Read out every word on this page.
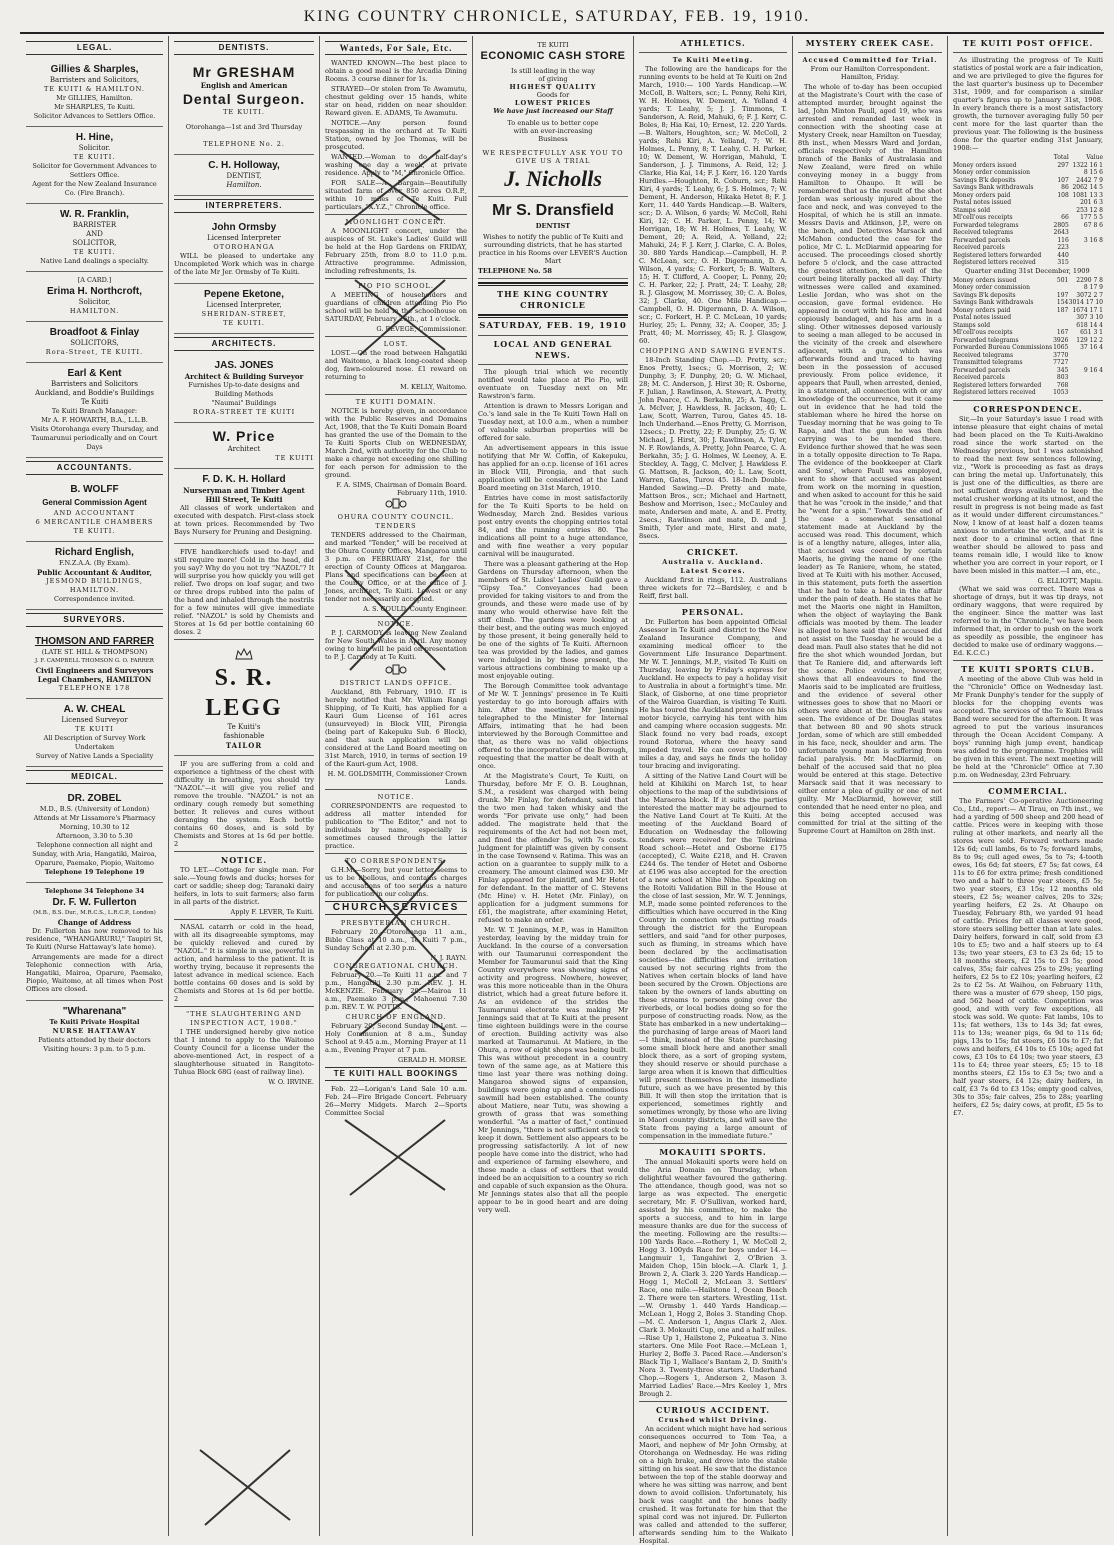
KING COUNTRY CHRONICLE, SATURDAY, FEB. 19, 1910.
LEGAL.
Gillies & Sharples,
Barristers and Solicitors,
TE KUITI & HAMILTON.
Mr GILLIES, Hamilton.
Mr SHARPLES, Te Kuiti.
Solicitor Advances to Settlers Office.
H. Hine,
Solicitor.
TE KUITI.
Solicitor for Government Advances to Settlers Office.
Agent for the New Zealand Insurance Co. (Fire Branch).
W. R. Franklin,
BARRISTER
AND
SOLICITOR,
TE KUITI.
Native Land dealings a specialty.
[A CARD.]
Erima H. Northcroft,
Solicitor,
HAMILTON.
Broadfoot & Finlay
SOLICITORS,
Rora-Street, TE KUITI.
Earl & Kent
Barristers and Solicitors
Auckland, and Boddie's Buildings
Te Kuiti
Te Kuiti Branch Manager:
Mr A. F. HOWARTH, B.A., L.L.B.
Visits Otorohanga every Thursday, and Taumarunui periodically and on Court Days
ACCOUNTANTS.
B. WOLFF
General Commission Agent
AND ACCOUNTANT
6 MERCANTILE CHAMBERS
TE KUITI.
Richard English,
F.N.Z.A.A. (By Exam).
Public Accountant & Auditor,
JESMOND BUILDINGS,
HAMILTON.
Correspondence invited.
SURVEYORS.
THOMSON AND FARRER
(LATE ST. HILL & THOMPSON)
J. F. CAMPBELL THOMSON G. O. FARRER
Civil Engineers and Surveyors
Legal Chambers, HAMILTON
TELEPHONE 178
A. W. CHEAL
Licensed Surveyor
TE KUITI
All Description of Survey Work Undertaken
Survey of Native Lands a Speciality
MEDICAL.
DR. ZOBEL
M.D., B.S. (University of London)
Attends at Mr Lissamore's Pharmacy
Morning, 10.30 to 12
Afternoon, 3.30 to 5.30
Telephone connection all night and Sunday, with Aria, Hangatiki, Mairoa, Oparure, Paemako, Piopio, Waitomo
Telephone 19 Telephone 19
Telephone 34 Telephone 34
Dr. F. W. Fullerton
(M.B., B.S. Dur., M.R.C.S., L.R.C.P., London)
Change of Address

Dr. Fullerton has now removed to his residence, "WHANGARURU," Taupiri St, Te Kuiti (Nurse Hattaway's late home).

Arrangements are made for a direct Telephonic connection with Aria, Hangatiki, Mairoa, Oparure, Paemako, Piopio, Waitomo, at all times when Post Offices are closed.

"Wharenana"
Te Kuiti Private Hospital
NURSE HATTAWAY
Patients attended by their doctors
Visiting hours: 3 p.m. to 5 p.m.
DENTISTS.
Mr GRESHAM
English and American
Dental Surgeon.
TE KUITI.
Otorohanga—1st and 3rd Thursday
TELEPHONE No. 2.
C. H. Holloway,
DENTIST,
Hamilton.
INTERPRETERS.
John Ormsby
Licensed Interpreter
OTOROHANGA

WILL be pleased to undertake any Uncompleted Work which was in charge of the late Mr Jer. Ormsby of Te Kuiti.

Pepene Eketone,
Licensed Interpreter,
SHERIDAN-STREET,
TE KUITI.
ARCHITECTS.
JAS. JONES
Architect & Building Surveyor
Furnishes Up-to-date designs and Building Methods
"Naumai" Buildings
RORA-STREET TE KUITI
W. Price
Architect
TE KUITI
F. D. K. H. Hollard
Nurseryman and Timber Agent
Hill Street, Te Kuiti

All classes of work undertaken and executed with despatch. First-class stock at town prices. Recommended by Two Bays Nursery for Pruning and Designing.

FIVE handkerchiefs used to-day! and still require more! Cold in the head, did you say? Why do you not try "NAZOL"? It will surprise you how quickly you will get relief. Two drops on loaf sugar, and two or three drops rubbed into the palm of the hand and inhaled through the nostrils for a few minutes will give immediate relief. "NAZOL" is sold by Chemists and Stores at 1s 6d per bottle containing 60 doses. 2

S. R. LEGG
Te Kuiti's
fashionable
TAILOR

IF you are suffering from a cold and experience a tightness of the chest with difficulty in breathing, you should try "NAZOL"—it will give you relief and remove the trouble. "NAZOL" is not an ordinary cough remedy but something better. It relieves and cures without deranging the system. Each bottle contains 60 doses, and is sold by Chemists and Stores at 1s 6d per bottle. 2

NOTICE.

TO LET.—Cottage for single man. For sale.—Young fowls and ducks; horses for cart or saddle; sheep dog; Taranaki dairy heifers, in lots to suit farmers; also farm in all parts of the district.

Apply F. LEVER, Te Kuiti.

NASAL catarrh or cold in the head, with all its disagreeable symptoms, may be quickly relieved and cured by "NAZOL." It is simple in use, powerful in action, and harmless to the patient. It is worthy trying, because it represents the latest advance in medical science. Each bottle contains 60 doses and is sold by Chemists and Stores at 1s 6d per bottle. 2

"THE SLAUGHTERING AND INSPECTION ACT, 1908."

I THE undersigned hereby give notice that I intend to apply to the Waitomo County Council for a license under the above-mentioned Act, in respect of a slaughterhouse situated in Rangitoto-Tuhua Block 68G (east of railway line).

W. O. IRVINE.

Wanteds, For Sale, Etc.

WANTED KNOWN—The best place to obtain a good meal is the Arcadia Dining Rooms. 3 course dinner for 1s.

STRAYED—Or stolen from Te Awamutu, chestnut gelding over 15 hands, white star on head, ridden on near shoulder. Reward given. E. ADAMS, Te Awamutu.

NOTICE.—Any person found trespassing in the orchard at Te Kuiti Station, owned by Joe Thomas, will be prosecuted.

WANTED.—Woman to do half-day's washing one day a week, at private residence. Apply to "M," Chronicle Office.

FOR SALE—A Bargain—Beautifully situated farm of over 850 acres O.R.P., within 10 miles of Te Kuiti. Full particulars, "X.Y.Z.," Chronicle office.

MOONLIGHT CONCERT.

A MOONLIGHT concert, under the auspices of St. Luke's Ladies' Guild will be held at the Hop Gardens on FRIDAY, February 25th, from 8.0 to 11.0 p.m. Attractive programme. Admission, including refreshments, 1s.

PIO PIO SCHOOL.

A MEETING of householders and guardians of children attending Pio Pio school will be held in the schoolhouse on SATURDAY, February 26th., at 1 o'clock.

G. BEVEGE, Commissioner.

LOST.

LOST.—On the road between Hangatiki and Waitomo, a black long-coated sheep dog, fawn-coloured nose. £1 reward on returning to

M. KELLY, Waitomo.

TE KUITI DOMAIN.

NOTICE is hereby given, in accordance with the Public Reserves and Domains Act, 1908, that the Te Kuiti Domain Board has granted the use of the Domain to the Te Kuiti Sports Club on WEDNESDAY, March 2nd, with authority for the Club to make a charge not exceeding one shilling for each person for admission to the ground.

F. A. SIMS, Chairman of Domain Board. February 11th, 1910.

OHURA COUNTY COUNCIL.
TENDERS

TENDERS addressed to the Chairman, and marked "Tender," will be received at the Ohura County Offices, Mangaroa until 3 p.m. on FEBRUARY 21st, for the erection of County Offices at Mangaroa. Plans and specifications can be seen at the County Office, or at the office of J. Jones, architect, Te Kuiti. Lowest or any tender not necessarily accepted.

A. S. GOULD, County Engineer.

NOTICE.

P. J. CARMODY is leaving New Zealand for New South Wales in April. Any money owing to him will be paid on presentation to P. J. Carmody at Te Kuiti.

DISTRICT LANDS OFFICE.

Auckland, 8th February, 1910. IT is hereby notified that Mr. William Rangi Shipping, of Te Kuiti, has applied for a Kauri Gum License of 161 acres (unsurveyed) in Block VIII, Pirongia (being part of Kakepuku Sub. 6 Block), and that such application will be considered at the Land Board meeting on 31st March, 1910, in terms of section 19 of the Kauri-gum Act, 1908.

H. M. GOLDSMITH, Commissioner Crown Lands.

NOTICE.

CORRESPONDENTS are requested to address all matter intended for publication to "The Editor," and not to individuals by name, especially is sometimes caused through the latter practice.

TO CORRESPONDENTS.

G.H.M.—Sorry, but your letter seems to us to be libellous, and contains charges and accusations of too serious a nature for publication in our columns.

CHURCH SERVICES
PRESBYTERIAN CHURCH.

February 20.—Otorohanga 11 a.m., Bible Class at 10 a.m., Te Kuiti 7 p.m., Sunday School at 2.30 p.m.

N. J. RAYN.

CONGREGATIONAL CHURCH.

February 20.—Te Kuiti 11 a.m. and 7 p.m., Hangatiki 2.30 p.m. REV. J. H. McKENZIE. February 20.—Mairoa 11 a.m., Paemako 3 p.m., Mahoenui 7.30 p.m. REV. T. W. POTTS.

CHURCH OF ENGLAND.

February 20, Second Sunday in Lent. —Holy Communion at 8 a.m., Sunday School at 9.45 a.m., Morning Prayer at 11 a.m., Evening Prayer at 7 p.m.

GERALD H. MORSE.

TE KUITI HALL BOOKINGS

Feb. 22—Lorigan's Land Sale 10 a.m. Feb. 24—Fire Brigade Concert. February 26—Merry Midgets. March 2—Sports Committee Social

TE KUITI
ECONOMIC CASH STORE
Is still leading in the way
of giving
HIGHEST QUALITY
Goods for
LOWEST PRICES
We have just increased our Staff
To enable us to better cope
with an ever-increasing
Business
WE RESPECTFULLY ASK YOU TO GIVE US A TRIAL
J. Nicholls
Mr S. Dransfield
DENTIST

Wishes to notify the public of Te Kuiti and surrounding districts, that he has started practice in his Rooms over LEVER'S Auction Mart

TELEPHONE No. 58
THE KING COUNTRY CHRONICLE
SATURDAY, FEB. 19, 1910
LOCAL AND GENERAL NEWS.

The plough trial which we recently notified would take place at Pio Pio, will eventuate on Tuesday next on Mr. Rawstron's farm.

Attention is drawn to Messrs Lorigan and Co.'s land sale in the Te Kuiti Town Hall on Tuesday next, at 10.0 a.m., when a number of valuable suburban properties will be offered for sale.

An advertisement appears in this issue notifying that Mr W. Coffin, of Kakepuku, has applied for an o.r.p. license of 161 acres in Block VIII, Pirongia, and that such application will be considered at the Land Board meeting on 31st March, 1910.

Entries have come in most satisfactorily for the Te Kuiti Sports to be held on Wednesday, March 2nd. Besides various post entry events the chopping entries total 84, and the running entries 80. The indications all point to a huge attendance, and with fine weather a very popular carnival will be inaugurated.

There was a pleasant gathering at the Hop Gardens on Thursday afternoon, when the members of St. Lukes' Ladies' Guild gave a "Gipsy Tea." Conveyances had been provided for taking visitors to and from the grounds, and these were made use of by many who would otherwise have felt the stiff climb. The gardens were looking at their best, and the outing was much enjoyed by those present, it being generally held to be one of the sights of Te Kuiti. Afternoon tea was provided by the ladies, and games were indulged in by those present, the various attractions combining to make up a most enjoyable outing.

The Borough Committee took advantage of Mr W. T. Jennings' presence in Te Kuiti yesterday to go into borough affairs with him. After the meeting, Mr Jennings telegraphed to the Minister for Internal Affairs, intimating that he had been interviewed by the Borough Committee and that, as there was no valid objections offered to the incorporation of the Borough, requesting that the matter be dealt with at once.

At the Magistrate's Court, Te Kuiti, on Thursday, before Mr F. O. B. Loughnan, S.M., a resident was charged with being drunk. Mr Finlay, for defendant, said that the two men had taken whisky and the words "For private use only," had been added. The magistrate held that the requirements of the Act had not been met, and fined the offender 5s, with 7s costs. Judgment for plaintiff was given by consent in the case Townsend v. Ratima. This was an action on a guarantee to supply milk to a creamery. The amount claimed was £30. Mr Finlay appeared for plaintiff, and Mr Hetet for defendant. In the matter of C. Stevens (Mr. Hine) v. H. Hetet (Mr. Finlay), on application for a judgment summons for £61, the magistrate, after examining Hetet, refused to make an order.

Mr. W. T. Jennings, M.P., was in Hamilton yesterday, leaving by the midday train for Auckland. In the course of a conversation with our Taumarunui correspondent the Member for Taumarunui said that the King Country everywhere was showing signs of activity and progress. Nowhere, however, was this more noticeable than in the Ohura district, which had a great future before it. As an evidence of the strides the Taumarunui electorate was making Mr Jennings said that at Te Kuiti at the present time eighteen buildings were in the course of erection. Building activity was also marked at Taumarunui. At Matiere, in the Ohura, a row of eight shops was being built. This was without precedent in a country town of the same age, as at Matiere this time last year there was nothing doing. Mangaroa showed signs of expansion, buildings were going up and a commodious sawmill had been established. The county about Matiere, near Tutu, was showing a growth of grass that was something wonderful. "As a matter of fact," continued Mr Jennings, "there is not sufficient stock to keep it down. Settlement also appears to be progressing satisfactorily. A lot of new people have come into the district, who had and experience of farming elsewhere, and these made a class of settlers that would indeed be an acquisition to a country so rich and capable of such expansion as the Ohura. Mr Jennings states also that all the people appear to be in good heart and are doing very well.

ATHLETICS.
Te Kuiti Meeting.

The following are the handicaps for the running events to be held at Te Kuiti on 2nd March, 1910:— 100 Yards Handicap.—W. McColl, B. Walters, scr.; L. Penny, Rehi Kiri, W. H. Holmes, W. Dement, A. Yelland 4 yards; T. Leahy, 5; J. J. Timmons, T. Sanderson, A. Reid, Mahuki, 6; F. J. Kerr, C. Boles, 8; Hia Kai, 10; Ernest, 12. 220 Yards.—B. Walters, Houghton, scr.; W. McColl, 2 yards; Rehi Kiri, A. Yelland, 7; W. H. Holmes, L. Penny, 8; T. Leahy, C. H. Parker, 10; W. Dement, W. Horrigan, Mahuki, T. Sanderson, J. J. Timmons, A. Reid, 12; J. Clarke, Hia Kai, 14; F. J. Kerr, 16. 120 Yards Hurdles.—Houghton, R. Coburn, scr.; Rehi Kiri, 4 yards; T. Leahy, 6; J. S. Holmes, 7; W. Dement, H. Anderson, Hikaka Hetet 8; F. J. Kerr, 11. 440 Yards Handicap.—B. Walters, scr.; D. A. Wilson, 6 yards; W. McColl, Rehi Kiri, 12; C. H. Parker, L. Penny, 14; W. Horrigan, 18; W. H. Holmes, T. Leahy, W. Dement, 20; A. Reid, A. Yelland, 22; Mahuki, 24; F. J. Kerr, J. Clarke, C. A. Boles, 30. 880 Yards Handicap.—Campbell, H. P. C. McLean, scr.; O. H. Digermann, D. A. Wilson, 4 yards; C. Forkert, 5; B. Walters, 15; H. T. Clifford, A. Cooper, L. Penny, 20; C. H. Parker, 22; J. Pratt, 24; T. Leahy, 28; R. J. Glasgow, M. Morrissey, 30; C. A. Boles, 32; J. Clarke, 40. One Mile Handicap.—Campbell, O. H. Digermann, D. A. Wilson, scr.; C. Forkert, H. P. C. McLean, 10 yards; Hurley, 25; L. Penny, 32; A. Cooper, 35; J. Pratt, 40; M. Morrissey, 45; R. J. Glasgow, 60.

CHOPPING AND SAWING EVENTS.

18-Inch Standing Chop.—D. Pretty, scr.; Enos Pretty, 1secs.; G. Morrison, 2; W. Dunphy, 3; F. Dunphy, 20; G. W. Michael, 28; M. C. Anderson, J. Hirst 30; R. Osborne, F. Julian, J. Rawlinson, A. Stewart, A. Pretty, John Pearce, C. A. Berkahn, 25; A. Tagg, C. A. McIver, J. Hawkless, R. Jackson, 40; L. Law, Scott, Warren, Turou, Gates 45. 18-Inch Underhand.—Enos Pretty, G. Morrison, 12secs.; D. Pretty, 22; F. Dunphy, 25; G. W. Michael, J. Hirst, 30; J. Rawlinson, A. Tyler, N. F. Rowlands, A. Pretty, John Pearce, C. A. Berkahn, 35; J. G. Holmes, W. Leeney, A. E. Steckley, A. Tagg, C. McIver, J. Hawkless F. G. Mattson, R. Jackson, 40; L. Law, Scott, Warren, Gates, Turou 45. 18-Inch Double-Handed Sawing.—D. Pretty and mate, Mattson Bros., scr.; Michael and Hartnett, Beshow and Morrison, 1sec.; McCauley and mate, Andersen and mate, A. and E. Pretty, 2secs.; Rawlinson and mate, D. and J. Smith, Tyler and mate, Hirst and mate, 8secs.

CRICKET.
Australia v. Auckland.
Latest Scores.

Auckland first in rings, 112. Australians three wickets for 72—Bardsley, c and b Reiff, first ball.

PERSONAL.

Dr. Fullerton has been appointed Official Assessor in Te Kuiti and district to the New Zealand Insurance Company, and examining medical officer to the Government Life Insurance Department. Mr W. T. Jennings, M.P., visited Te Kuiti on Thursday, leaving by Friday's express for Auckland. He expects to pay a holiday visit to Australia in about a fortnight's time. Mr. Slack, of Gisborne, at one time proprietor of the Wairoa Guardian, is visiting Te Kuiti. He has toured the Auckland province on his motor bicycle, carrying his tent with him and camping where occasion suggests. Mr. Slack found no very bad roads, except round Rotorua, where the heavy sand impeded travel. He can cover up to 100 miles a day, and says he finds the holiday tour bracing and invigorating.

A sitting of the Native Land Court will be held at Kihikihi on March 1st, to hear objections to the map of the subdivisions of the Maraeroa block. If it suits the parties interested the matter may be adjourned to the Native Land Court at Te Kuiti. At the meeting of the Auckland Board of Education on Wednesday the following tenders were received for the Tokirima Road school:—Hetet and Osborne £175 (accepted), C. Waite £218, and H. Craven £244 6s. The tender of Hetet and Osborne at £196 was also accepted for the erection of a new school at Nihe Nihe. Speaking on the Rotoiti Validation Bill in the House at the close of last session, Mr. W. T. Jennings, M.P., made some pointed references to the difficulties which have occurred in the King Country in connection with putting roads through the district for the European settlers, and said "and for other purposes, such as fluming, in streams which have been declared by the acclimatisation societies—the difficulties and irritation caused by not securing rights from the Natives when certain blocks of land have been secured by the Crown. Objections are taken by the owners of lands abutting on these streams to persons going over the riverbeds, or local bodies doing so for the purpose of constructing roads. Now, as the State has embarked in a new undertaking—the purchasing of large areas of Maori land—I think, instead of the State purchasing some small block here and another small block there, as a sort of groping system, they should reserve or should purchase a large area when it is known that difficulties will present themselves in the immediate future, such as we have presented by this Bill. It will then stop the irritation that is experienced, sometimes rightly and sometimes wrongly, by those who are living in Maori country districts, and will save the State from paying a large amount of compensation in the immediate future."

MOKAUITI SPORTS.

The annual Mokauiti sports were held on the Aria Domain on Thursday, when delightful weather favoured the gathering. The attendance, though good, was not so large as was expected. The energetic secretary, Mr. F. O'Sullivan, worked hard, assisted by his committee, to make the sports a success, and to him in large measure thanks are due for the success of the meeting. Following are the results:— 100 Yards Race.—Rothery 1, W. McColl 2, Hogg 3. 100yds Race for boys under 14.—Langmuir 1, Tangahiwi 2, O'Brien 3. Maiden Chop, 15in block.—A. Clark 1, J. Brown 2, A. Clark 3. 220 Yards Handicap.—Hogg 1, McColl 2, McLean 3. Settlers' Race, one mile.—Hailstone 1, Ocean Beach 2. There were ten starters. Wrestling, 11st.—W. Ormsby 1. 440 Yards Handicap.—McLean 1, Hogg 2, Boles 3. Standing Chop.—M. C. Anderson 1, Angus Clark 2, Alex. Clark 3. Mokauiti Cup, one and a half miles.—Rise Up 1, Hailstone 2, Pukeatua 3. Nine starters. One Mile Foot Race.—McLean 1, Hurley 2, Boffe 3. Paced Race.—Anderson's Black Tip 1, Wallace's Bantam 2, D. Smith's Nora 3. Twenty-three starters. Underhand Chop.—Rogers 1, Anderson 2, Mason 3. Married Ladies' Race.—Mrs Keeley 1, Mrs Brough 2.

CURIOUS ACCIDENT.
Crushed whilst Driving.

An accident which might have had serious consequences occurred to Tom Tea, a Maori, and nephew of Mr John Ormsby, at Otorohanga on Wednesday. He was riding on a high brake, and drove into the stable sitting on his seat. He saw that the distance between the top of the stable doorway and where he was sitting was narrow, and bent down to avoid collision. Unfortunately, his back was caught and the bones badly crushed. It was fortunate for him that the spinal cord was not injured. Dr. Fullerton was called and attended to the sufferer, afterwards sending him to the Waikato Hospital.

MYSTERY CREEK CASE.
Accused Committed for Trial.

From our Hamilton Correspondent. Hamilton, Friday.

The whole of to-day has been occupied at the Magistrate's Court with the case of attempted murder, brought against the lad, John Minton Paull, aged 19, who was arrested and remanded last week in connection with the shooting case at Mystery Creek, near Hamilton on Tuesday, 8th inst., when Messrs Ward and Jordan, officials respectively of the Hamilton branch of the Banks of Australasia and New Zealand, were fired on while conveying money in a buggy from Hamilton to Ohaupo. It will be remembered that as the result of the shot Jordan was seriously injured about the face and neck, and was conveyed to the Hospital, of which he is still an inmate. Messrs Davis and Atkinson, J.P., were on the bench, and Detectives Marsack and McMahon conducted the case for the police, Mr C. L. McDiarmid appearing for accused. The proceedings closed shortly before 5 o'clock, and the case attracted the greatest attention, the well of the court being literally packed all day. Thirty witnesses were called and examined. Leslie Jordan, who was shot on the occasion, gave formal evidence. He appeared in court with his face and head copiously bandaged, and his arm in a sling. Other witnesses deposed variously to seeing a man alleged to be accused in the vicinity of the creek and elsewhere adjacent, with a gun, which was afterwards found and traced to having been in the possession of accused previously. From police evidence, it appears that Paull, when arrested, denied, in a statement, all connection with or any knowledge of the occurrence, but it came out in evidence that he had told the stableman where he hired the horse on Tuesday morning that he was going to Te Rapa, and that the gun he was then carrying was to be mended there. Evidence further showed that he was seen in a totally opposite direction to Te Rapa. The evidence of the bookkeeper at Clark and Sons', where Paull was employed, went to show that accused was absent from work on the morning in question, and when asked to account for this he said that he was "crook in the inside," and that he "went for a spin." Towards the end of the case a somewhat sensational statement made at Auckland by the accused was read. This document, which is of a lengthy nature, alleges, inter alia, that accused was coerced by certain Maoris, he giving the name of one (the leader) as Te Raniere, whom, he stated, lived at Te Kuiti with his mother. Accused, in this statement, puts forth the assertion that he had to take a hand in the affair under the pain of death. He states that he met the Maoris one night in Hamilton, when the object of waylaying the Bank officials was mooted by them. The leader is alleged to have said that if accused did not assist on the Tuesday he would be a dead man. Paull also states that he did not fire the shot which wounded Jordan, but that Te Raniere did, and afterwards left the scene. Police evidence, however, shows that all endeavours to find the Maoris said to be implicated are fruitless, and the evidence of several other witnesses goes to show that no Maori or others were about at the time Paull was seen. The evidence of Dr. Douglas states that between 80 and 90 shots struck Jordan, some of which are still embedded in his face, neck, shoulder and arm. The unfortunate young man is suffering from facial paralysis. Mr. MacDiarmid, on behalf of the accused said that no plea would be entered at this stage. Detective Marsack said that it was necessary to either enter a plea of guilty or one of not guilty. Mr MacDiarmid, however, still contended that he need enter no plea, and this being accepted accused was committed for trial at the sitting of the Supreme Court at Hamilton on 28th inst.

TE KUITI POST OFFICE.

As illustrating the progress of Te Kuiti statistics of postal work are a fair indication, and we are privileged to give the figures for the last quarter's business up to December 31st, 1909, and for comparison a similar quarter's figures up to January 31st, 1908. In every branch there is a most satisfactory growth, the turnover averaging fully 50 per cent more for the last quarter than the previous year. The following is the business done for the quarter ending 31st January, 1908:—

	Total	Value
Money orders issued	297	1322 16 1
Money order commission		8 15 6
Savings B'k deposits	107	2442 7 9
Savings Bank withdrawals	86	2062 14 5
Money orders paid	108	1081 13 3
Postal notes issued		201 6 3
Stamps sold		253 12 8
Ml'ceIl'ous receipts	66	177 5 5
Forwarded telegrams	2805	67 8 6
Received telegrams	2643	
Forwarded parcels	116	3 16 8
Received parcels	223	
Registered letters forwarded	440	
Registered letters received	315	

Quarter ending 31st December, 1909

Money orders issued	501	2290 7 8
Money order commission		8 17 9
Savings B'k deposits	197	3072 2 7
Savings Bank withdrawals	154	3014 17 10
Money orders paid	187	1674 17 1
Postal notes issued		307 3 10
Stamps sold		618 14 4
Ml'ceIl'ous receipts	167	651 3 1
Forwarded telegrams	3926	129 12 2
Forwarded Bureau Commissions	1065	37 16 4
Received telegrams	3770	
Transmitted telegrams	7727	
Forwarded parcels	345	9 16 4
Received parcels	803	
Registered letters forwarded	768	
Registered letters received	1053	
CORRESPONDENCE.

Sir,—In your Saturday's issue I read with intense pleasure that eight chains of metal had been placed on the Te Kuiti-Awakino road since the work started on the Wednesday previous, but I was astonished to read the next few sentences following, viz., "Work is proceeding as fast as drays can bring the metal up. Unfortunately, this is just one of the difficulties, as there are not sufficient drays available to keep the metal crusher working at its utmost, and the result in progress is not being made as fast as it would under different circumstances." Now, I know of at least half a dozen teams anxious to undertake the work, and as it is next door to a criminal action that fine weather should be allowed to pass and teams remain idle, I would like to know whether you are correct in your report, or I have been misled in this matter.—I am, etc.,

G. ELLIOTT, Mapiu.

(What we said was correct. There was a shortage of drays, but it was tip drays, not ordinary waggons, that were required by the engineer. Since the matter was last referred to in the "Chronicle," we have been informed that, in order to push on the work as speedily as possible, the engineer has decided to make use of ordinary waggons.—Ed. K.C.C.)

TE KUITI SPORTS CLUB.

A meeting of the above Club was held in the "Chronicle" Office on Wednesday last. Mr Frank Dunphy's tender for the supply of blocks for the chopping events was accepted. The services of the Te Kuiti Brass Band were secured for the afternoon. It was agreed to put the various insurances through the Ocean Accident Company. A boys' running high jump event, handicap was added to the programme. Trophies will be given in this event. The next meeting will be held at the "Chronicle" Office at 7.30 p.m. on Wednesday, 23rd February.

COMMERCIAL.

The Farmers' Co-operative Auctioneering Co., Ltd., report:— At Tirau, on 7th inst., we had a yarding of 500 sheep and 200 head of cattle. Prices were in keeping with those ruling at other markets, and nearly all the stores were sold. Forward wethers made 12s 6d; cull lambs, 6s to 7s; forward lambs, 8s to 9s; cull aged ewes, 5s to 7s; 4-tooth ewes, 16s 6d; fat steers, £7 5s; fat cows, £4 11s to £6 for extra prime; fresh conditioned two and a half to three year steers, £5 5s; two year steers, £3 15s; 12 months old steers, £2 5s; weaner calves, 20s to 32s; yearling heifers, £2 2s. At Ohaupo on Tuesday, February 8th, we yarded 91 head of cattle. Prices for all classes were good, store steers selling better than at late sales. Dairy heifers, forward in calf, sold from £3 10s to £5; two and a half steers up to £4 13s; two year steers, £3 to £3 2s 6d; 15 to 18 months steers, £2 15s to £3 5s; good calves, 35s; fair calves 25s to 29s; yearling heifers, £2 5s to £2 10s; yearling heifers, £2 2s to £2 5s. At Waihou, on February 11th, there was a muster of 679 sheep, 150 pigs, and 562 head of cattle. Competition was good, and with very few exceptions, all stock was sold. We quote: Fat lambs, 10s to 11s; fat wethers, 13s to 14s 3d; fat ewes, 11s to 13s; weaner pigs, 6s 9d to 11s 6d; pigs, 13s to 15s; fat steers, £6 10s to £7; fat cows and heifers, £4 10s to £5 10s; aged fat cows, £3 10s to £4 10s; two year steers, £3 11s to £4; three year steers, £5; 15 to 18 months steers, £2 15s to £3 5s; two and a half year steers, £4 12s; dairy heifers, in calf, £3 7s 6d to £3 15s; empty good calves, 30s to 35s; fair calves, 25s to 28s; yearling heifers, £2 5s; dairy cows, at profit, £5 5s to £7.
